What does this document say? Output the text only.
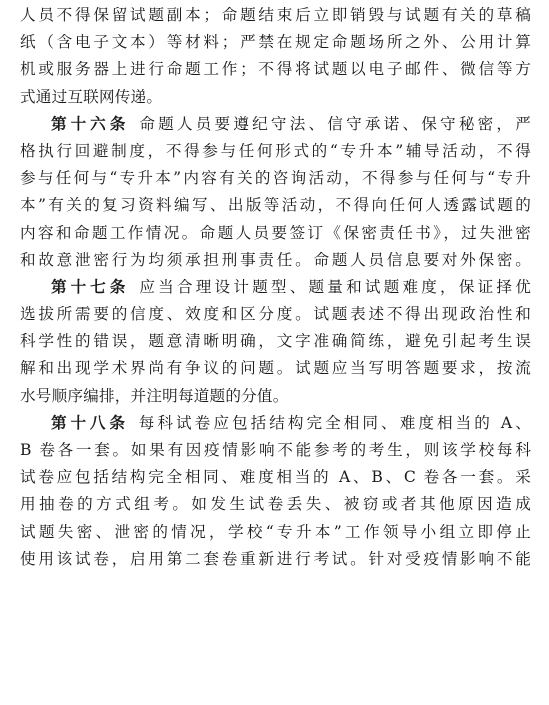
人员不得保留试题副本；命题结束后立即销毁与试题有关的草稿
纸（含电子文本）等材料；严禁在规定命题场所之外、公用计算
机或服务器上进行命题工作；不得将试题以电子邮件、微信等方
式通过互联网传递。
第十六条 命题人员要遵纪守法、信守承诺、保守秘密，严
格执行回避制度，不得参与任何形式的“专升本”辅导活动，不得
参与任何与“专升本”内容有关的咨询活动，不得参与任何与“专升
本”有关的复习资料编写、出版等活动，不得向任何人透露试题的
内容和命题工作情况。命题人员要签订《保密责任书》，过失泄密
和故意泄密行为均须承担刑事责任。命题人员信息要对外保密。
第十七条 应当合理设计题型、题量和试题难度，保证择优
选拔所需要的信度、效度和区分度。试题表述不得出现政治性和
科学性的错误，题意清晰明确，文字准确简练，避免引起考生误
解和出现学术界尚有争议的问题。试题应当写明答题要求，按流
水号顺序编排，并注明每道题的分值。
第十八条 每科试卷应包括结构完全相同、难度相当的 A、
B 卷各一套。如果有因疫情影响不能参考的考生，则该学校每科
试卷应包括结构完全相同、难度相当的 A、B、C 卷各一套。采
用抽卷的方式组考。如发生试卷丢失、被窃或者其他原因造成
试题失密、泄密的情况，学校“专升本”工作领导小组立即停止
使用该试卷，启用第二套卷重新进行考试。针对受疫情影响不能
